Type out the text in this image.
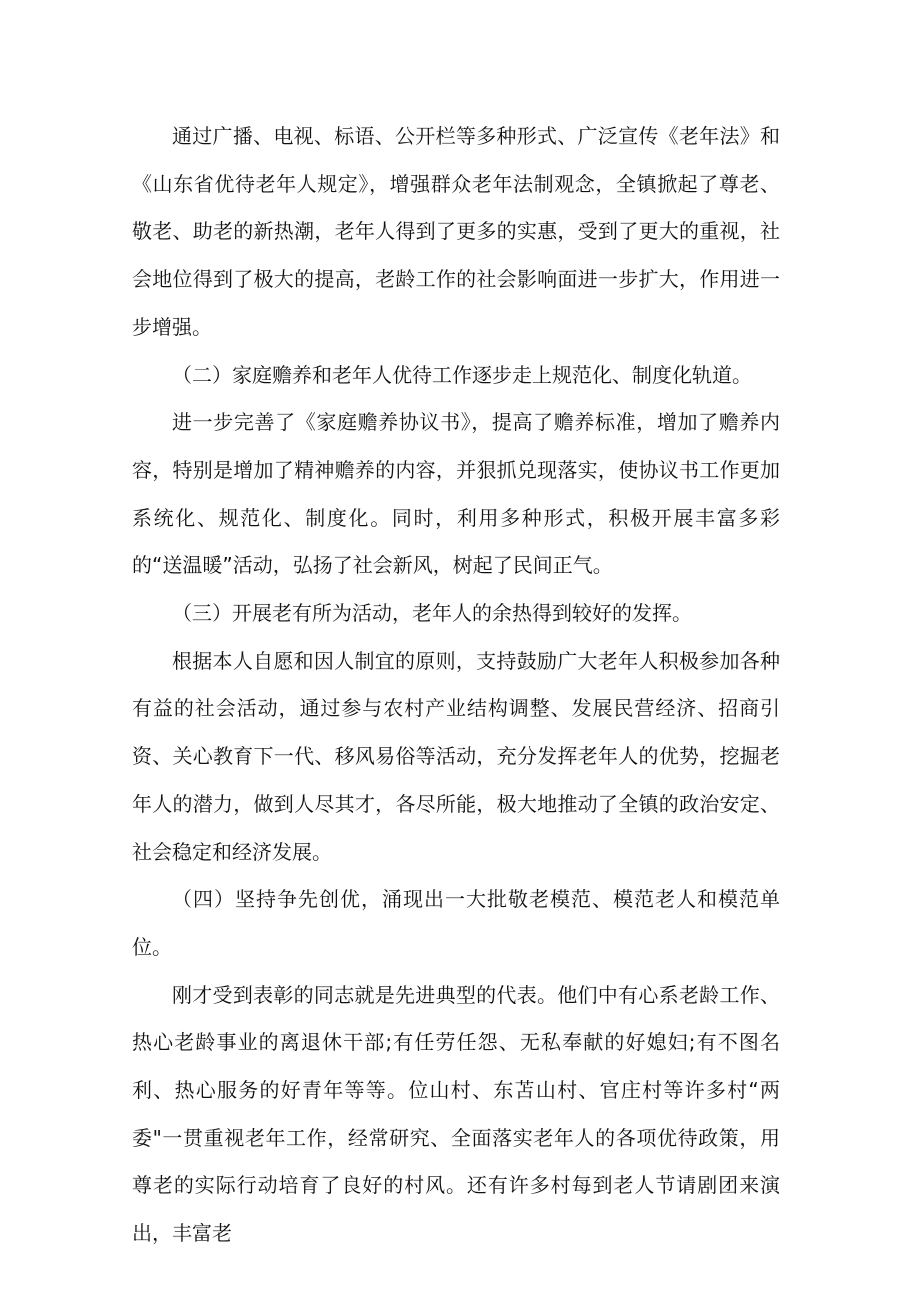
通过广播、电视、标语、公开栏等多种形式、广泛宣传《老年法》和《山东省优待老年人规定》，增强群众老年法制观念，全镇掀起了尊老、敬老、助老的新热潮，老年人得到了更多的实惠，受到了更大的重视，社会地位得到了极大的提高，老龄工作的社会影响面进一步扩大，作用进一步增强。

（二）家庭赡养和老年人优待工作逐步走上规范化、制度化轨道。

进一步完善了《家庭赡养协议书》，提高了赡养标准，增加了赡养内容，特别是增加了精神赡养的内容，并狠抓兑现落实，使协议书工作更加系统化、规范化、制度化。同时，利用多种形式，积极开展丰富多彩的“送温暖”活动，弘扬了社会新风，树起了民间正气。

（三）开展老有所为活动，老年人的余热得到较好的发挥。

根据本人自愿和因人制宜的原则，支持鼓励广大老年人积极参加各种有益的社会活动，通过参与农村产业结构调整、发展民营经济、招商引资、关心教育下一代、移风易俗等活动，充分发挥老年人的优势，挖掘老年人的潜力，做到人尽其才，各尽所能，极大地推动了全镇的政治安定、社会稳定和经济发展。

（四）坚持争先创优，涌现出一大批敬老模范、模范老人和模范单位。

刚才受到表彰的同志就是先进典型的代表。他们中有心系老龄工作、热心老龄事业的离退休干部;有任劳任怨、无私奉献的好媳妇;有不图名利、热心服务的好青年等等。位山村、东苫山村、官庄村等许多村“两委"一贯重视老年工作，经常研究、全面落实老年人的各项优待政策，用尊老的实际行动培育了良好的村风。还有许多村每到老人节请剧团来演出，丰富老
